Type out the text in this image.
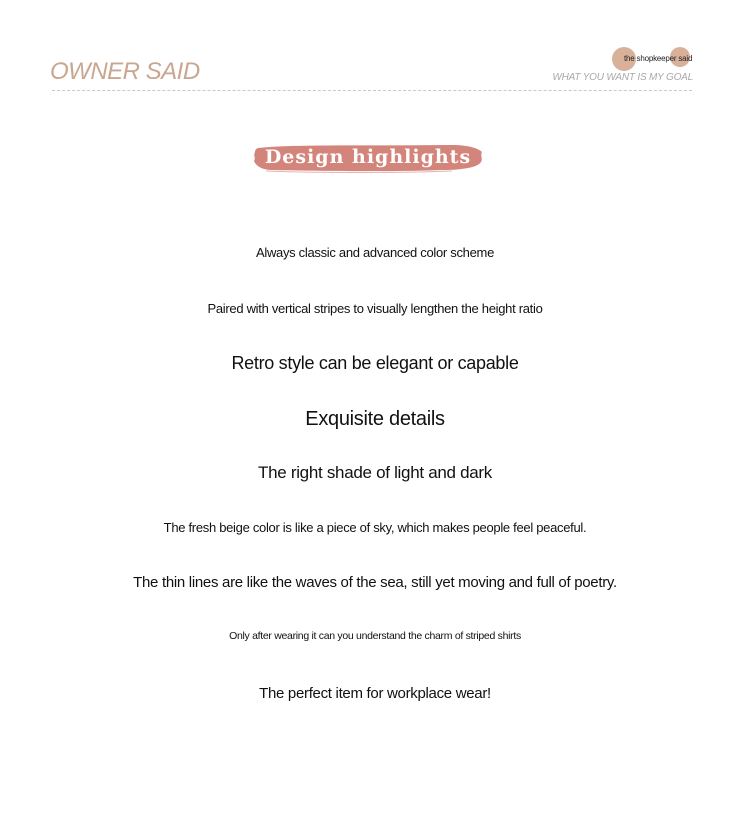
OWNER SAID	the shopkeeper said
WHAT YOU WANT IS MY GOAL
Design highlights
Always classic and advanced color scheme
Paired with vertical stripes to visually lengthen the height ratio
Retro style can be elegant or capable
Exquisite details
The right shade of light and dark
The fresh beige color is like a piece of sky, which makes people feel peaceful.
The thin lines are like the waves of the sea, still yet moving and full of poetry.
Only after wearing it can you understand the charm of striped shirts
The perfect item for workplace wear!
